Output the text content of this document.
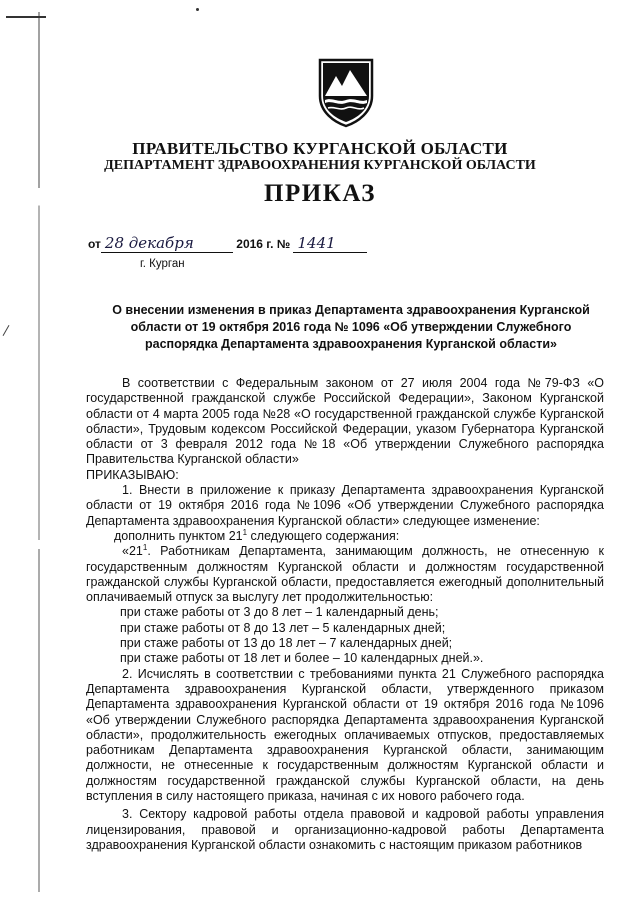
ПРАВИТЕЛЬСТВО КУРГАНСКОЙ ОБЛАСТИ
ДЕПАРТАМЕНТ ЗДРАВООХРАНЕНИЯ КУРГАНСКОЙ ОБЛАСТИ
ПРИКАЗ
от 28 декабря	2016 г. № 1441
г. Курган
О внесении изменения в приказ Департамента здравоохранения Курганской области от 19 октября 2016 года № 1096 «Об утверждении Служебного распорядка Департамента здравоохранения Курганской области»

В соответствии с Федеральным законом от 27 июля 2004 года №79-ФЗ «О государственной гражданской службе Российской Федерации», Законом Курганской области от 4 марта 2005 года №28 «О государственной гражданской службе Курганской области», Трудовым кодексом Российской Федерации, указом Губернатора Курганской области от 3 февраля 2012 года №18 «Об утверждении Служебного распорядка Правительства Курганской области»

ПРИКАЗЫВАЮ:

1. Внести в приложение к приказу Департамента здравоохранения Курганской области от 19 октября 2016 года №1096 «Об утверждении Служебного распорядка Департамента здравоохранения Курганской области» следующее изменение:

дополнить пунктом $21^1$ следующего содержания:

«$21^1$. Работникам Департамента, занимающим должность, не отнесенную к государственным должностям Курганской области и должностям государственной гражданской службы Курганской области, предоставляется ежегодный дополнительный оплачиваемый отпуск за выслугу лет продолжительностью:

при стаже работы от 3 до 8 лет – 1 календарный день;

при стаже работы от 8 до 13 лет – 5 календарных дней;

при стаже работы от 13 до 18 лет – 7 календарных дней;

при стаже работы от 18 лет и более – 10 календарных дней.».

2. Исчислять в соответствии с требованиями пункта 21 Служебного распорядка Департамента здравоохранения Курганской области, утвержденного приказом Департамента здравоохранения Курганской области от 19 октября 2016 года №1096 «Об утверждении Служебного распорядка Департамента здравоохранения Курганской области», продолжительность ежегодных оплачиваемых отпусков, предоставляемых работникам Департамента здравоохранения Курганской области, занимающим должности, не отнесенные к государственным должностям Курганской области и должностям государственной гражданской службы Курганской области, на день вступления в силу настоящего приказа, начиная с их нового рабочего года.

3. Сектору кадровой работы отдела правовой и кадровой работы управления лицензирования, правовой и организационно-кадровой работы Департамента здравоохранения Курганской области ознакомить с настоящим приказом работников
